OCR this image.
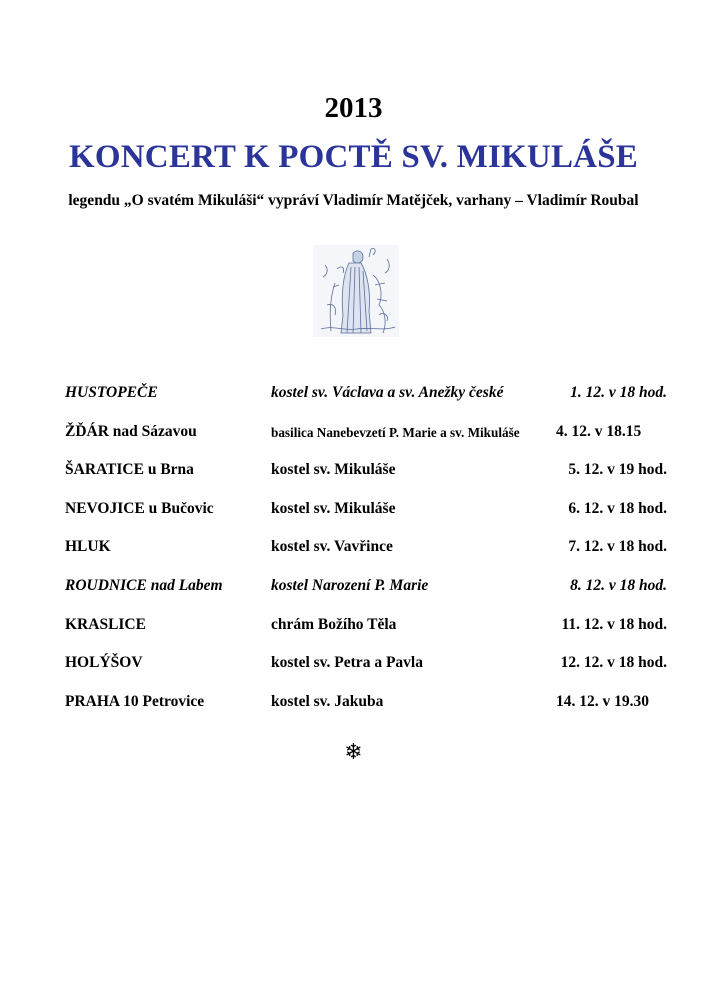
2013
KONCERT K POCTĚ SV. MIKULÁŠE
legendu „O svatém Mikuláši“ vypráví Vladimír Matějček, varhany – Vladimír Roubal
HUSTOPEČE	kostel sv. Václava a sv. Anežky české	1. 12. v 18 hod.
ŽĎÁR nad Sázavou	basilica Nanebevzetí P. Marie a sv. Mikuláše 4. 12. v 18.15
ŠARATICE u Brna	kostel sv. Mikuláše	5. 12. v 19 hod.
NEVOJICE u Bučovic	kostel sv. Mikuláše	6. 12. v 18 hod.
HLUK	kostel sv. Vavřince	7. 12. v 18 hod.
ROUDNICE nad Labem	kostel Narození P. Marie	8. 12. v 18 hod.
KRASLICE	chrám Božího Těla	11. 12. v 18 hod.
HOLÝŠOV	kostel sv. Petra a Pavla	12. 12. v 18 hod.
PRAHA 10 Petrovice	kostel sv. Jakuba	14. 12. v 19.30
❄
